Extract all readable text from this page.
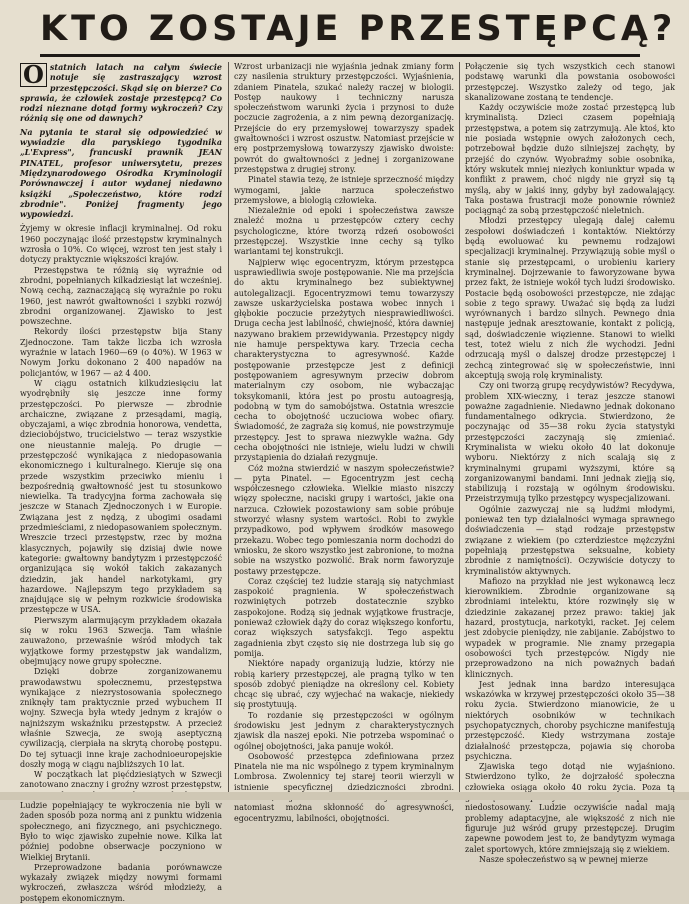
KTO ZOSTAJE PRZESTĘPCĄ?
O statnich latach na całym świecie notuje się zastraszający wzrost przestępczości. Skąd się on bierze? Co sprawia, że człowiek zostaje przestępcą? Co rodzi nieznane dotąd formy wykroczeń? Czy różnią się one od dawnych?

Na pytania te starał się odpowiedzieć w wywiadzie dla paryskiego tygodnika „L'Express", francuski prawnik JEAN PINATEL, profesor uniwersytetu, prezes Międzynarodowego Ośrodka Kryminologii Porównawczej i autor wydanej niedawno książki „Społeczeństwo, które rodzi zbrodnie". Poniżej fragmenty jego wypowiedzi.

Żyjemy w okresie inflacji kryminalnej. Od roku 1960 poczynając ilość przestępstw kryminalnych wzrosła o 10%. Co więcej, wzrost ten jest stały i dotyczy praktycznie większości krajów.

Przestępstwa te różnią się wyraźnie od zbrodni, popełnianych kilkadziesiąt lat wcześniej. Nową cechą, zaznaczającą się wyraźnie po roku 1960, jest nawrót gwałtowności i szybki rozwój zbrodni organizowanej. Zjawisko to jest powszechne.

Rekordy ilości przestępstw bija Stany Zjednoczone. Tam także liczba ich wzrosła wyraźnie w latach 1960—69 (o 40%). W 1963 w Nowym Jorku dokonano 2 400 napadów na policjantów, w 1967 — aż 4 400.

W ciągu ostatnich kilkudziesięciu lat wyodrębniły się jeszcze inne formy przestępczości. Po pierwsze — zbrodnie archaiczne, związane z przesądami, magią, obyczajami, a więc zbrodnia honorowa, vendetta, dzieciobójstwo, trucicielstwo — teraz wszystkie one nieustannie maleją. Po drugie — przestępczość wynikająca z niedopasowania ekonomicznego i kulturalnego. Kieruje się ona przede wszystkim przeciwko mieniu i bezpośrednią gwałtowność jest tu stosunkowo niewielka. Ta tradycyjna forma zachowała się jeszcze w Stanach Zjednoczonych i w Europie. Związana jest z nędzą, z ubogimi osadami przedmieściami, z niedopasowaniem społecznym. Wreszcie trzeci przestępstw, rzec by można klasycznych, pojawiły się dzisiaj dwie nowe kategorie: gwałtowny bandytyzm i przestępczość organizująca się wokół takich zakazanych dziedzin, jak handel narkotykami, gry hazardowe. Najlepszym tego przykładem są znajdujące się w pełnym rozkwicie środowiska przestępcze w USA.

Pierwszym alarmującym przykładem okazała się w roku 1963 Szwecja. Tam właśnie zauważono, przewaśnie wśród młodych tak wyjątkowe formy przestępstw jak wandalizm, obejmujący nowe grupy społeczne.

Dzięki dobrze zorganizowanemu prawodawstwu społecznemu, przestępstwa wynikające z niezrystosowania społecznego zniknęły tam praktycznie przed wybuchem II wojny. Szwecja była wtedy jednym z krajów o najniższym wskaźniku przestępstw. A przecież właśnie Szwecja, ze swoją aseptyczną cywilizacją, cierpiała na skrytą chorobę postępu. Do tej sytuacji inne kraje zachodnioeuropejskie doszły mogą w ciągu najbliższych 10 lat.

W początkach lat pięćdziesiątych w Szwecji zanotowano znaczny i groźny wzrost przestępstw, Ludzie popełniający te wykroczenia nie byli w żaden sposób poza normą ani z punktu widzenia społecznego, ani fizycznego, ani psychicznego. Było to więc zjawisko zupełnie nowe. Kilka lat później podobne obserwacje poczyniono w Wielkiej Brytanii.

Przeprowadzone badania porównawcze wykazały związek między nowymi formami wykroczeń, zwłaszcza wśród młodzieży, a postępem ekonomicznym.

Wzrost urbanizacji nie wyjaśnia jednak zmiany form czy nasilenia struktury przestępczości. Wyjaśnienia, zdaniem Pinatela, szukać należy raczej w biologii. Postęp naukowy i techniczny narusza społeczeństwom warunki życia i przynosi to duże poczucie zagrożenia, a z nim pewną dezorganizację. Przejście do ery przemysłowej towarzyszy spadek gwałtowności i wzrost oszustw. Natomiast przejście w erę postprzemysłową towarzyszy zjawisko dwoiste: powrót do gwałtowności z jednej i zorganizowane przestępstwa z drugiej strony.

Pinatel stawia tezę, że istnieje sprzeczność między wymogami, jakie narzuca społeczeństwo przemysłowe, a biologią człowieka.

Niezależnie od epoki i społeczeństwa zawsze znaleźć można u przestępców cztery cechy psychologiczne, które tworzą rdzeń osobowości przestępczej. Wszystkie inne cechy są tylko wariantami tej konstrukcji.

Najpierw więc egocentryzm, którym przestępca usprawiedliwia swoje postępowanie. Nie ma przejścia do aktu kryminalnego bez subiektywnej autolegalizacji. Egocentryzmowi temu towarzyszy zawsze uskarżycielska postawa wobec innych i głębokie poczucie przeżytych niesprawiedliwości. Druga cecha jest labilność, chwiejność, która dawniej nazywano brakiem przewidywania. Przestępcy nigdy nie hamuje perspektywa kary. Trzecia cecha charakterystyczna to agresywność. Każde postępowanie przestępcze jest z definicji postępowaniem agresywnym przeciw dobrom materialnym czy osobom, nie wybaczając toksykomanii, która jest po prostu autoagresją, podobną w tym do samobójstwa. Ostatnia wreszcie cecha to obojętność uczuciowa wobec ofiary. Świadomość, że zagraża się komuś, nie powstrzymuje przestępcy. Jest to sprawa niezwykle ważna. Gdy cecha obojętności nie istnieje, wielu ludzi w chwili przystąpienia do działań rezygnuje.

Cóż można stwierdzić w naszym społeczeństwie? — pyta Pinatel. — Egocentryzm jest cechą współczesnego człowieka. Wielkie miasto niszczy więzy społeczne, naciski grupy i wartości, jakie ona narzuca. Człowiek pozostawiony sam sobie próbuje stworzyć własny system wartości. Robi to zwykle przypadkowo, pod wpływem środków masowego przekazu. Wobec tego pomieszania norm dochodzi do wniosku, że skoro wszystko jest zabronione, to można sobie na wszystko pozwolić. Brak norm faworyzuje postawy przestępcze.

Coraz częściej też ludzie starają się natychmiast zaspokoić pragnienia. W społeczeństwach rozwiniętych potrzeb dostatecznie szybko zaspokojone. Rodzą się jednak wyjątkowe frustracje, ponieważ człowiek dąży do coraz większego konfortu, coraz większych satysfakcji. Tego aspektu zagadnienia zbyt często się nie dostrzega lub się go pomija.

Niektóre napady organizują ludzie, którzy nie robią kariery przestępczej, ale pragną tylko w ten sposób zdobyć pieniądze na określony cel. Kobiety chcąc się ubrać, czy wyjechać na wakacje, niekiedy się prostytuują.

To rozdanie się przestępczości w ogólnym środowisku jest jednym z charakterystycznych zjawisk dla naszej epoki. Nie potrzeba wspominać o ogólnej obojętności, jaka panuje wokół.

Osobowość przestępca zdefiniowana przez Pinatela nie ma nic wspólnego z typem kryminalnym Lombrosa. Zwolennicy tej starej teorii wierzyli w istnienie specyficznej dziedziczności zbrodni. natomiast można skłonność do agresywności, egocentryzmu, labilności, obojętności.

Połączenie się tych wszystkich cech stanowi podstawę warunki dla powstania osobowości przestępczej. Wszystko zależy od tego, jak skanalizowane zostaną te tendencje.

Każdy oczywiście może zostać przestępcą lub kryminalistą. Dzieci czasem popełniają przestępstwa, a potem się zatrzymują. Ale ktoś, kto nie posiada wstępnie owych założonych cech, potrzebował będzie dużo silniejszej zachęty, by przejść do czynów. Wyobraźmy sobie osobnika, który wskutek mniej niezłych koniunktur wpada w konflikt z prawem, choć nigdy nie gryzł się tą myślą, aby w jakiś inny, gdyby był zadowalający. Taka postawa frustracji może ponownie również pociągnąć za sobą przestępczość nieletnich.

Młodzi przestępcy ulegają dalej całemu zespołowi doświadczeń i kontaktów. Niektórzy będą ewoluować ku pewnemu rodzajowi specjalizacji kryminalnej. Przywiązują sobie myśl o stanie się przestępcami, o urobieniu kariery kryminalnej. Dojrzewanie to faworyzowane bywa przez fakt, że istnieje wokół tych ludzi środowisko. Postacie będą osobowości przestępcze, nie zdając sobie z tego sprawy. Uważać się będą za ludzi wyrównanych i bardzo silnych. Pewnego dnia następuje jednak aresztowanie, kontakt z policją, sąd, doświadczenie więzienne. Stanowi to wielki test, toteż wielu z nich źle wychodzi. Jedni odrzucają myśl o dalszej drodze przestępczej i zechcą zintegrować się w społeczeństwie, inni akceptują swoją rolę kryminalisty.

Czy oni tworzą grupę recydywistów? Recydywa, problem XIX-wieczny, i teraz jeszcze stanowi poważne zagadnienie. Niedawno jednak dokonano fundamentalnego odkrycia. Stwierdzono, że poczynając od 35—38 roku życia statystyki przestępczości zaczynają się zmieniać. Kryminalista w wieku około 40 lat dokonuje wyboru. Niektórzy z nich scalają się z kryminalnymi grupami wyższymi, które są zorganizowanymi bandami. Inni jednak ziejją się, stabilizują i rozstają w ogólnym środowisku. Przeistrzymują tylko przestępcy wyspecjalizowani.

Ogólnie zazwyczaj nie są ludźmi młodymi, ponieważ ten typ działalności wymaga sprawnego doświadczenia — stąd rodzaje przestępstw związane z wiekiem (po czterdziestce mężczyźni popełniają przestępstwa seksualne, kobiety zbrodnie z namiętności). Oczywiście dotyczy to kryminalistów aktywnych.

Mafiozo na przykład nie jest wykonawcą lecz kierownikiem. Zbrodnie organizowane są zbrodniami intelektu, które rozwinęły się w dziedzinie zakazanej przez prawo: takiej jak hazard, prostytucja, narkotyki, racket. Jej celem jest zdobycie pieniędzy, nie zabijanie. Zabójstwo to wypadek w programie. Nie znamy przegapia osobowości tych przestępców. Nigdy nie przeprowadzono na nich poważnych badań klinicznych.

Jest jednak inna bardzo interesująca wskazówka w krzywej przestępczości około 35—38 roku życia. Stwierdzono mianowicie, że u niektórych osobników w technikach psychopatycznych, choroby psychiczne manifestują przestępczość. Kiedy wstrzymana zostaje działalność przestępcza, pojawia się choroba psychiczna.

Zjawiska tego dotąd nie wyjaśniono. Stwierdzono tylko, że dojrzałość społeczna człowieka osiąga około 40 roku życia. Poza tą niedostosowany. Ludzie oczywiście nadal mają problemy adaptacyjne, ale większość z nich nie figuruje już wśród grupy przestępczej. Drugim zapewne powodem jest to, że bandytyzm wymaga zalet sportowych, które zmniejszają się z wiekiem.

Nasze społeczeństwo są w pewnej mierze
